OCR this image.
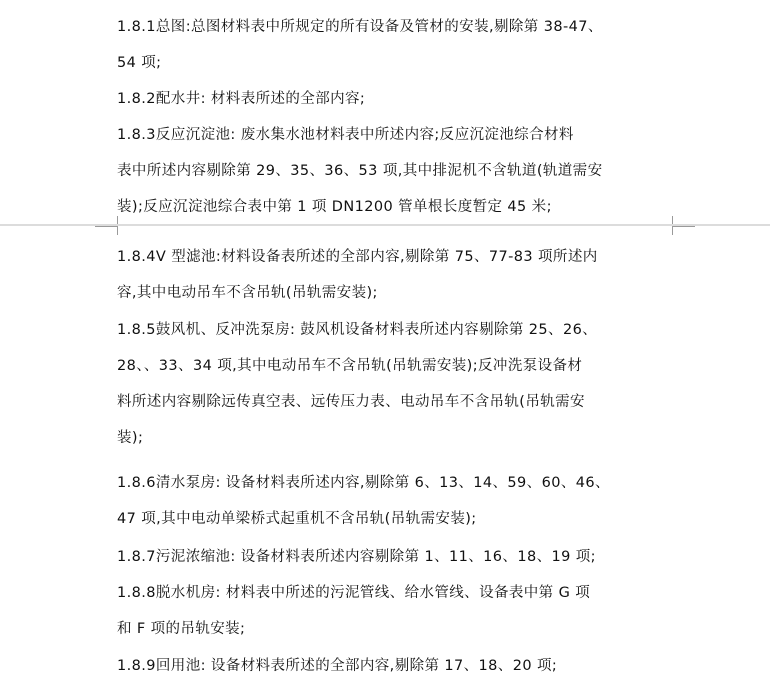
1.8.1总图:总图材料表中所规定的所有设备及管材的安装,剔除第 38-47、
54 项;

1.8.2配水井: 材料表所述的全部内容;

1.8.3反应沉淀池: 废水集水池材料表中所述内容;反应沉淀池综合材料
表中所述内容剔除第 29、35、36、53 项,其中排泥机不含轨道(轨道需安
装);反应沉淀池综合表中第 1 项 DN1200 管单根长度暂定 45 米;

1.8.4V 型滤池:材料设备表所述的全部内容,剔除第 75、77-83 项所述内
容,其中电动吊车不含吊轨(吊轨需安装);

1.8.5鼓风机、反冲洗泵房: 鼓风机设备材料表所述内容剔除第 25、26、
28、、33、34 项,其中电动吊车不含吊轨(吊轨需安装);反冲洗泵设备材
料所述内容剔除远传真空表、远传压力表、电动吊车不含吊轨(吊轨需安
装);

1.8.6清水泵房: 设备材料表所述内容,剔除第 6、13、14、59、60、46、
47 项,其中电动单梁桥式起重机不含吊轨(吊轨需安装);

1.8.7污泥浓缩池: 设备材料表所述内容剔除第 1、11、16、18、19 项;

1.8.8脱水机房: 材料表中所述的污泥管线、给水管线、设备表中第 G 项
和 F 项的吊轨安装;

1.8.9回用池: 设备材料表所述的全部内容,剔除第 17、18、20 项;
